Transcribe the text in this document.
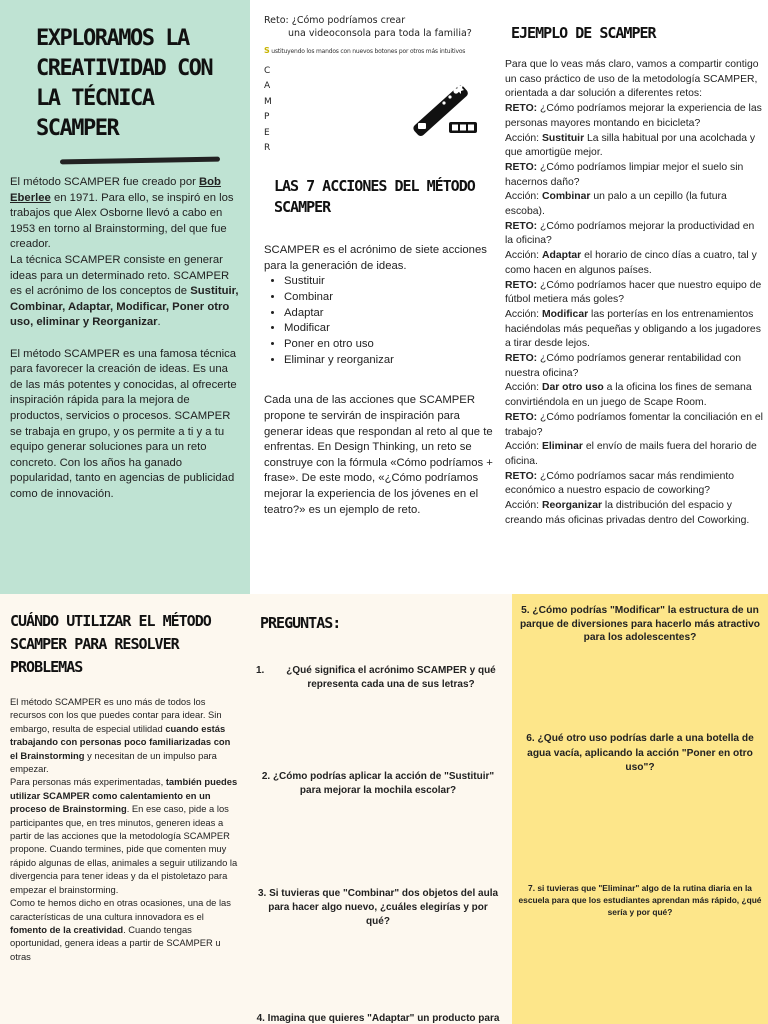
EXPLORAMOS LA CREATIVIDAD CON LA TÉCNICA SCAMPER

El método SCAMPER fue creado por Bob Eberlee en 1971. Para ello, se inspiró en los trabajos que Alex Osborne llevó a cabo en 1953 en torno al Brainstorming, del que fue creador.

La técnica SCAMPER consiste en generar ideas para un determinado reto. SCAMPER es el acrónimo de los conceptos de Sustituir, Combinar, Adaptar, Modificar, Poner otro uso, eliminar y Reorganizar.

El método SCAMPER es una famosa técnica para favorecer la creación de ideas. Es una de las más potentes y conocidas, al ofrecerte inspiración rápida para la mejora de productos, servicios o procesos. SCAMPER se trabaja en grupo, y os permite a ti y a tu equipo generar soluciones para un reto concreto. Con los años ha ganado popularidad, tanto en agencias de publicidad como de innovación.

Reto: ¿Cómo podríamos crear
una videoconsola para toda la familia?
S ustituyendo los mandos con nuevos botones por otros más intuitivos
C
A
M
P
E
R
LAS 7 ACCIONES DEL MÉTODO SCAMPER

SCAMPER es el acrónimo de siete acciones para la generación de ideas.

• Sustituir
• Combinar
• Adaptar
• Modificar
• Poner en otro uso
• Eliminar y reorganizar

Cada una de las acciones que SCAMPER propone te servirán de inspiración para generar ideas que respondan al reto al que te enfrentas. En Design Thinking, un reto se construye con la fórmula «Cómo podríamos + frase». De este modo, «¿Cómo podríamos mejorar la experiencia de los jóvenes en el teatro?» es un ejemplo de reto.

EJEMPLO DE SCAMPER

Para que lo veas más claro, vamos a compartir contigo un caso práctico de uso de la metodología SCAMPER, orientada a dar solución a diferentes retos:

RETO: ¿Cómo podríamos mejorar la experiencia de las personas mayores montando en bicicleta?
Acción: Sustituir La silla habitual por una acolchada y que amortigüe mejor.

RETO: ¿Cómo podríamos limpiar mejor el suelo sin hacernos daño?
Acción: Combinar un palo a un cepillo (la futura escoba).

RETO: ¿Cómo podríamos mejorar la productividad en la oficina?
Acción: Adaptar el horario de cinco días a cuatro, tal y como hacen en algunos países.

RETO: ¿Cómo podríamos hacer que nuestro equipo de fútbol metiera más goles?
Acción: Modificar las porterías en los entrenamientos haciéndolas más pequeñas y obligando a los jugadores a tirar desde lejos.

RETO: ¿Cómo podríamos generar rentabilidad con nuestra oficina?
Acción: Dar otro uso a la oficina los fines de semana convirtiéndola en un juego de Scape Room.

RETO: ¿Cómo podríamos fomentar la conciliación en el trabajo?
Acción: Eliminar el envío de mails fuera del horario de oficina.

RETO: ¿Cómo podríamos sacar más rendimiento económico a nuestro espacio de coworking?
Acción: Reorganizar la distribución del espacio y creando más oficinas privadas dentro del Coworking.

CUÁNDO UTILIZAR EL MÉTODO SCAMPER PARA RESOLVER PROBLEMAS

El método SCAMPER es uno más de todos los recursos con los que puedes contar para idear. Sin embargo, resulta de especial utilidad cuando estás trabajando con personas poco familiarizadas con el Brainstorming y necesitan de un impulso para empezar.

Para personas más experimentadas, también puedes utilizar SCAMPER como calentamiento en un proceso de Brainstorming. En ese caso, pide a los participantes que, en tres minutos, generen ideas a partir de las acciones que la metodología SCAMPER propone. Cuando termines, pide que comenten muy rápido algunas de ellas, animales a seguir utilizando la divergencia para tener ideas y da el pistoletazo para empezar el brainstorming.

Como te hemos dicho en otras ocasiones, una de las características de una cultura innovadora es el fomento de la creatividad. Cuando tengas oportunidad, genera ideas a partir de SCAMPER u otras

PREGUNTAS:
1. ¿Qué significa el acrónimo SCAMPER y qué representa cada una de sus letras?
2. ¿Cómo podrías aplicar la acción de "Sustituir" para mejorar la mochila escolar?
3. Si tuvieras que "Combinar" dos objetos del aula para hacer algo nuevo, ¿cuáles elegirías y por qué?
4. Imagina que quieres "Adaptar" un producto para
5. ¿Cómo podrías "Modificar" la estructura de un parque de diversiones para hacerlo más atractivo para los adolescentes?
6. ¿Qué otro uso podrías darle a una botella de agua vacía, aplicando la acción "Poner en otro uso"?
7. si tuvieras que "Eliminar" algo de la rutina diaria en la escuela para que los estudiantes aprendan más rápido, ¿qué sería y por qué?
